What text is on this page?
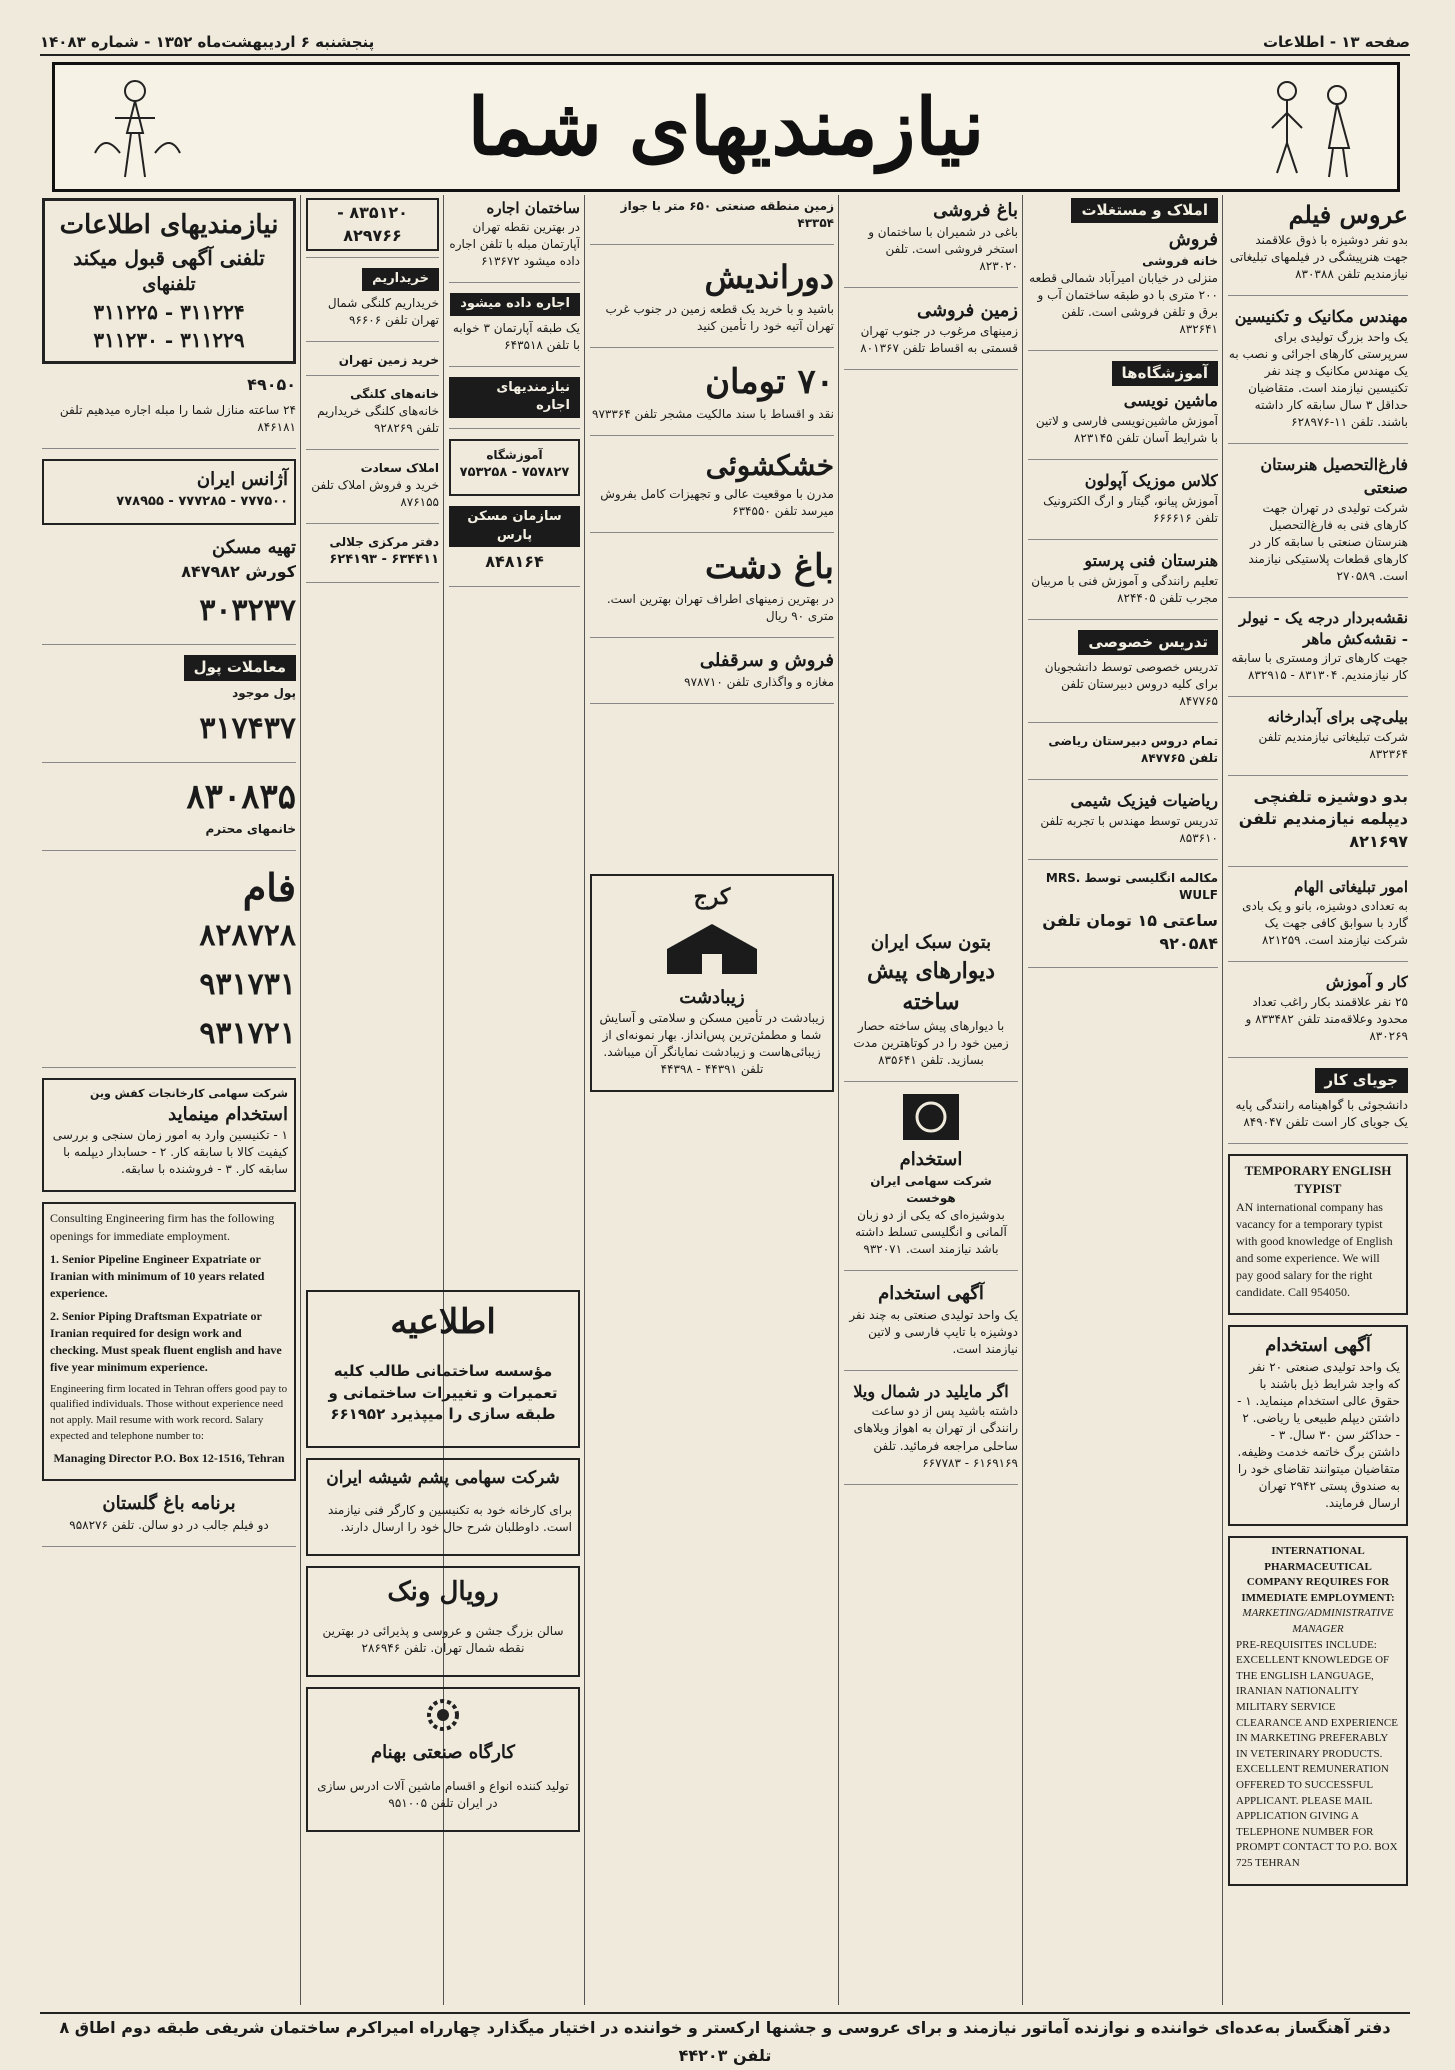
صفحه ۱۳ - اطلاعات
پنجشنبه ۶ اردیبهشت‌ماه ۱۳۵۲ - شماره ۱۴۰۸۳
نیازمندیهای شما
عروس فیلم

بدو نفر دوشیزه با ذوق علاقمند جهت هنرپیشگی در فیلمهای تبلیغاتی نیازمندیم تلفن ۸۳۰۳۸۸

مهندس مکانیک و تکنیسین

یک واحد بزرگ تولیدی برای سرپرستی کارهای اجرائی و نصب به یک مهندس مکانیک و چند نفر تکنیسین نیازمند است. متقاضیان حداقل ۳ سال سابقه کار داشته باشند. تلفن ۱۱-۶۲۸۹۷۶

فارغ‌التحصیل هنرستان صنعتی

شرکت تولیدی در تهران جهت کارهای فنی به فارغ‌التحصیل هنرستان صنعتی با سابقه کار در کارهای قطعات پلاستیکی نیازمند است. ۲۷۰۵۸۹

نقشه‌بردار درجه یک - نیولر - نقشه‌کش ماهر

جهت کارهای تراز ومستری با سابقه کار نیازمندیم. ۸۳۱۳۰۴ - ۸۳۲۹۱۵

بیلی‌چی برای آبدارخانه

شرکت تبلیغاتی نیازمندیم تلفن ۸۳۲۳۶۴

بدو دوشیزه تلفنچی دیپلمه نیازمندیم تلفن ۸۲۱۶۹۷

امور تبلیغاتی الهام

به تعدادی دوشیزه، بانو و یک بادی گارد با سوابق کافی جهت یک شرکت نیازمند است. ۸۲۱۲۵۹

کار و آموزش

۲۵ نفر علاقمند بکار راغب تعداد محدود وعلاقه‌مند تلفن ۸۳۳۴۸۲ و ۸۳۰۲۶۹

جویای کار

دانشجوئی با گواهینامه رانندگی پایه یک جویای کار است تلفن ۸۴۹۰۴۷

TEMPORARY ENGLISH TYPIST

AN international company has vacancy for a temporary typist with good knowledge of English and some experience. We will pay good salary for the right candidate. Call 954050.

آگهی استخدام

یک واحد تولیدی صنعتی ۲۰ نفر که واجد شرایط ذیل باشند با حقوق عالی استخدام مینماید. ۱ - داشتن دیپلم طبیعی یا ریاضی. ۲ - حداکثر سن ۳۰ سال. ۳ - داشتن برگ خاتمه خدمت وظیفه. متقاضیان میتوانند تقاضای خود را به صندوق پستی ۲۹۴۲ تهران ارسال فرمایند.

INTERNATIONAL PHARMACEUTICAL COMPANY REQUIRES FOR IMMEDIATE EMPLOYMENT:
MARKETING/ADMINISTRATIVE MANAGER

PRE-REQUISITES INCLUDE: EXCELLENT KNOWLEDGE OF THE ENGLISH LANGUAGE, IRANIAN NATIONALITY MILITARY SERVICE CLEARANCE AND EXPERIENCE IN MARKETING PREFERABLY IN VETERINARY PRODUCTS. EXCELLENT REMUNERATION OFFERED TO SUCCESSFUL APPLICANT. PLEASE MAIL APPLICATION GIVING A TELEPHONE NUMBER FOR PROMPT CONTACT TO P.O. BOX 725 TEHRAN

املاک و مستغلات
فروش
خانه فروشی

منزلی در خیابان امیرآباد شمالی قطعه ۲۰۰ متری با دو طبقه ساختمان آب و برق و تلفن فروشی است. تلفن ۸۳۲۶۴۱

آموزشگاه‌ها
ماشین نویسی

آموزش ماشین‌نویسی فارسی و لاتین با شرایط آسان تلفن ۸۲۳۱۴۵

کلاس موزیک آپولون

آموزش پیانو، گیتار و ارگ الکترونیک تلفن ۶۶۶۶۱۶

هنرستان فنی پرستو

تعلیم رانندگی و آموزش فنی با مربیان مجرب تلفن ۸۲۴۴۰۵

تدریس خصوصی

تدریس خصوصی توسط دانشجویان برای کلیه دروس دبیرستان تلفن ۸۴۷۷۶۵

تمام دروس دبیرستان ریاضی تلفن ۸۴۷۷۶۵

ریاضیات فیزیک شیمی

تدریس توسط مهندس با تجربه تلفن ۸۵۳۶۱۰

مکالمه انگلیسی توسط MRS. WULF

ساعتی ۱۵ تومان تلفن ۹۲۰۵۸۴

باغ فروشی

باغی در شمیران با ساختمان و استخر فروشی است. تلفن ۸۲۳۰۲۰

زمین فروشی

زمینهای مرغوب در جنوب تهران قسمتی به اقساط تلفن ۸۰۱۳۶۷

بتون سبک ایران
دیوارهای پیش ساخته

با دیوارهای پیش ساخته حصار زمین خود را در کوتاهترین مدت بسازید. تلفن ۸۳۵۶۴۱

استخدام
شرکت سهامی ایران هوخست

بدوشیزه‌ای که یکی از دو زبان آلمانی و انگلیسی تسلط داشته باشد نیازمند است. ۹۳۲۰۷۱

آگهی استخدام

یک واحد تولیدی صنعتی به چند نفر دوشیزه با تایپ فارسی و لاتین نیازمند است.

اگر مایلید در شمال ویلا

داشته باشید پس از دو ساعت رانندگی از تهران به اهواز ویلاهای ساحلی مراجعه فرمائید. تلفن ۶۱۶۹۱۶۹ - ۶۶۷۷۸۳

زمین منطقه صنعتی ۶۵۰ متر با جواز ۴۳۳۵۴

دوراندیش

باشید و با خرید یک قطعه زمین در جنوب غرب تهران آتیه خود را تأمین کنید

۷۰ تومان

نقد و اقساط با سند مالکیت مشجر تلفن ۹۷۳۳۶۴

خشکشوئی

مدرن با موقعیت عالی و تجهیزات کامل بفروش میرسد تلفن ۶۳۴۵۵۰

باغ دشت

در بهترین زمینهای اطراف تهران بهترین است. متری ۹۰ ریال

فروش و سرقفلی

مغازه و واگذاری تلفن ۹۷۸۷۱۰

کرج
زیبادشت

زیبادشت در تأمین مسکن و سلامتی و آسایش شما و مطمئن‌ترین پس‌انداز. بهار نمونه‌ای از زیبائی‌هاست و زیبادشت نمایانگر آن میباشد. تلفن ۴۴۳۹۱ - ۴۴۳۹۸

ساختمان اجاره

در بهترین نقطه تهران آپارتمان مبله با تلفن اجاره داده میشود ۶۱۳۶۷۲

اجاره داده میشود

یک طبقه آپارتمان ۳ خوابه با تلفن ۶۴۳۵۱۸

نیازمندیهای اجاره
آموزشگاه

۷۵۷۸۲۷ - ۷۵۳۲۵۸

سازمان مسکن پارس

۸۴۸۱۶۴

۸۳۵۱۲۰ - ۸۲۹۷۶۶
خریداریم

خریداریم کلنگی شمال تهران تلفن ۹۶۶۰۶

خرید زمین تهران
خانه‌های کلنگی

خانه‌های کلنگی خریداریم تلفن ۹۲۸۲۶۹

املاک سعادت

خرید و فروش املاک تلفن ۸۷۶۱۵۵

دفتر مرکزی جلالی

۶۳۴۴۱۱ - ۶۲۴۱۹۳

نیازمندیهای اطلاعات
تلفنی آگهی قبول میکند
تلفنهای
۳۱۱۲۲۴ - ۳۱۱۲۲۵
۳۱۱۲۲۹ - ۳۱۱۲۳۰

۴۹۰۵۰

۲۴ ساعته منازل شما را مبله اجاره میدهیم تلفن ۸۴۶۱۸۱

آژانس ایران

۷۷۷۵۰۰ - ۷۷۷۲۸۵ - ۷۷۸۹۵۵

تهیه مسکن

کورش ۸۴۷۹۸۲

۳۰۳۲۳۷

معاملات پول

پول موجود

۳۱۷۴۳۷

۸۳۰۸۳۵

خانمهای محترم

فام

۸۲۸۷۲۸

۹۳۱۷۳۱

۹۳۱۷۲۱

شرکت سهامی کارخانجات کفش وین
استخدام مینماید

۱ - تکنیسین وارد به امور زمان سنجی و بررسی کیفیت کالا با سابقه کار. ۲ - حسابدار دیپلمه با سابقه کار. ۳ - فروشنده با سابقه.

Consulting Engineering firm has the following openings for immediate employment.

1. Senior Pipeline Engineer Expatriate or Iranian with minimum of 10 years related experience.

2. Senior Piping Draftsman Expatriate or Iranian required for design work and checking. Must speak fluent english and have five year minimum experience.

Engineering firm located in Tehran offers good pay to qualified individuals. Those without experience need not apply. Mail resume with work record. Salary expected and telephone number to:

Managing Director P.O. Box 12-1516, Tehran

برنامه باغ گلستان

دو فیلم جالب در دو سالن. تلفن ۹۵۸۲۷۶

اطلاعیه

مؤسسه ساختمانی طالب کلیه تعمیرات و تغییرات ساختمانی و طبقه سازی را میپذیرد ۶۶۱۹۵۲

شرکت سهامی پشم شیشه ایران

برای کارخانه خود به تکنیسین و کارگر فنی نیازمند است. داوطلبان شرح حال خود را ارسال دارند.

رویال ونک

سالن بزرگ جشن و عروسی و پذیرائی در بهترین نقطه شمال تهران. تلفن ۲۸۶۹۴۶

کارگاه صنعتی بهنام

تولید کننده انواع و اقسام ماشین آلات ادرس سازی در ایران تلفن ۹۵۱۰۰۵

دفتر آهنگساز به‌عده‌ای خواننده و نوازنده آماتور نیازمند و برای عروسی و جشنها ارکستر و خواننده در اختیار میگذارد چهارراه امیراکرم ساختمان شریفی طبقه دوم اطاق ۸ تلفن ۴۴۲۰۳
